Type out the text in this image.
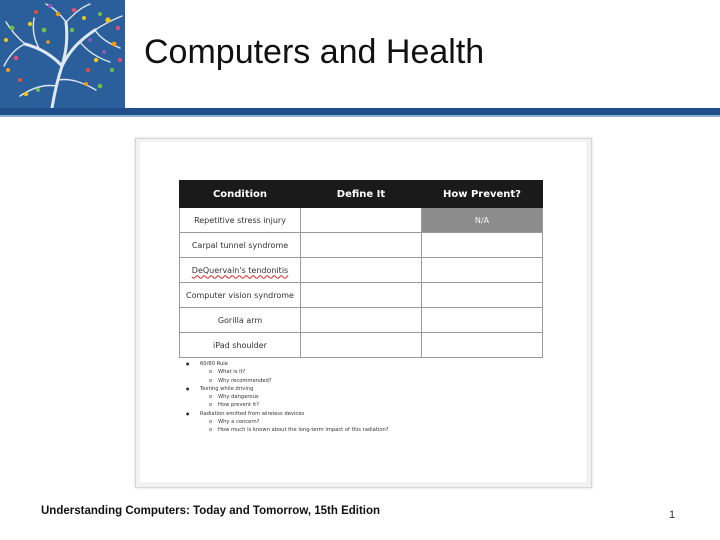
Computers and Health
Condition	Define It	How Prevent?
Repetitive stress injury		N/A
Carpal tunnel syndrome		
DeQuervain's tendonitis		
Computer vision syndrome		
Gorilla arm		
iPad shoulder		
● 60/60 Rule
o What is it?
o Why recommended?
● Texting while driving
o Why dangerous
o How prevent it?
● Radiation emitted from wireless devices
o Why a concern?
o How much is known about the long-term impact of this radiation?
Understanding Computers: Today and Tomorrow, 15th Edition	1
